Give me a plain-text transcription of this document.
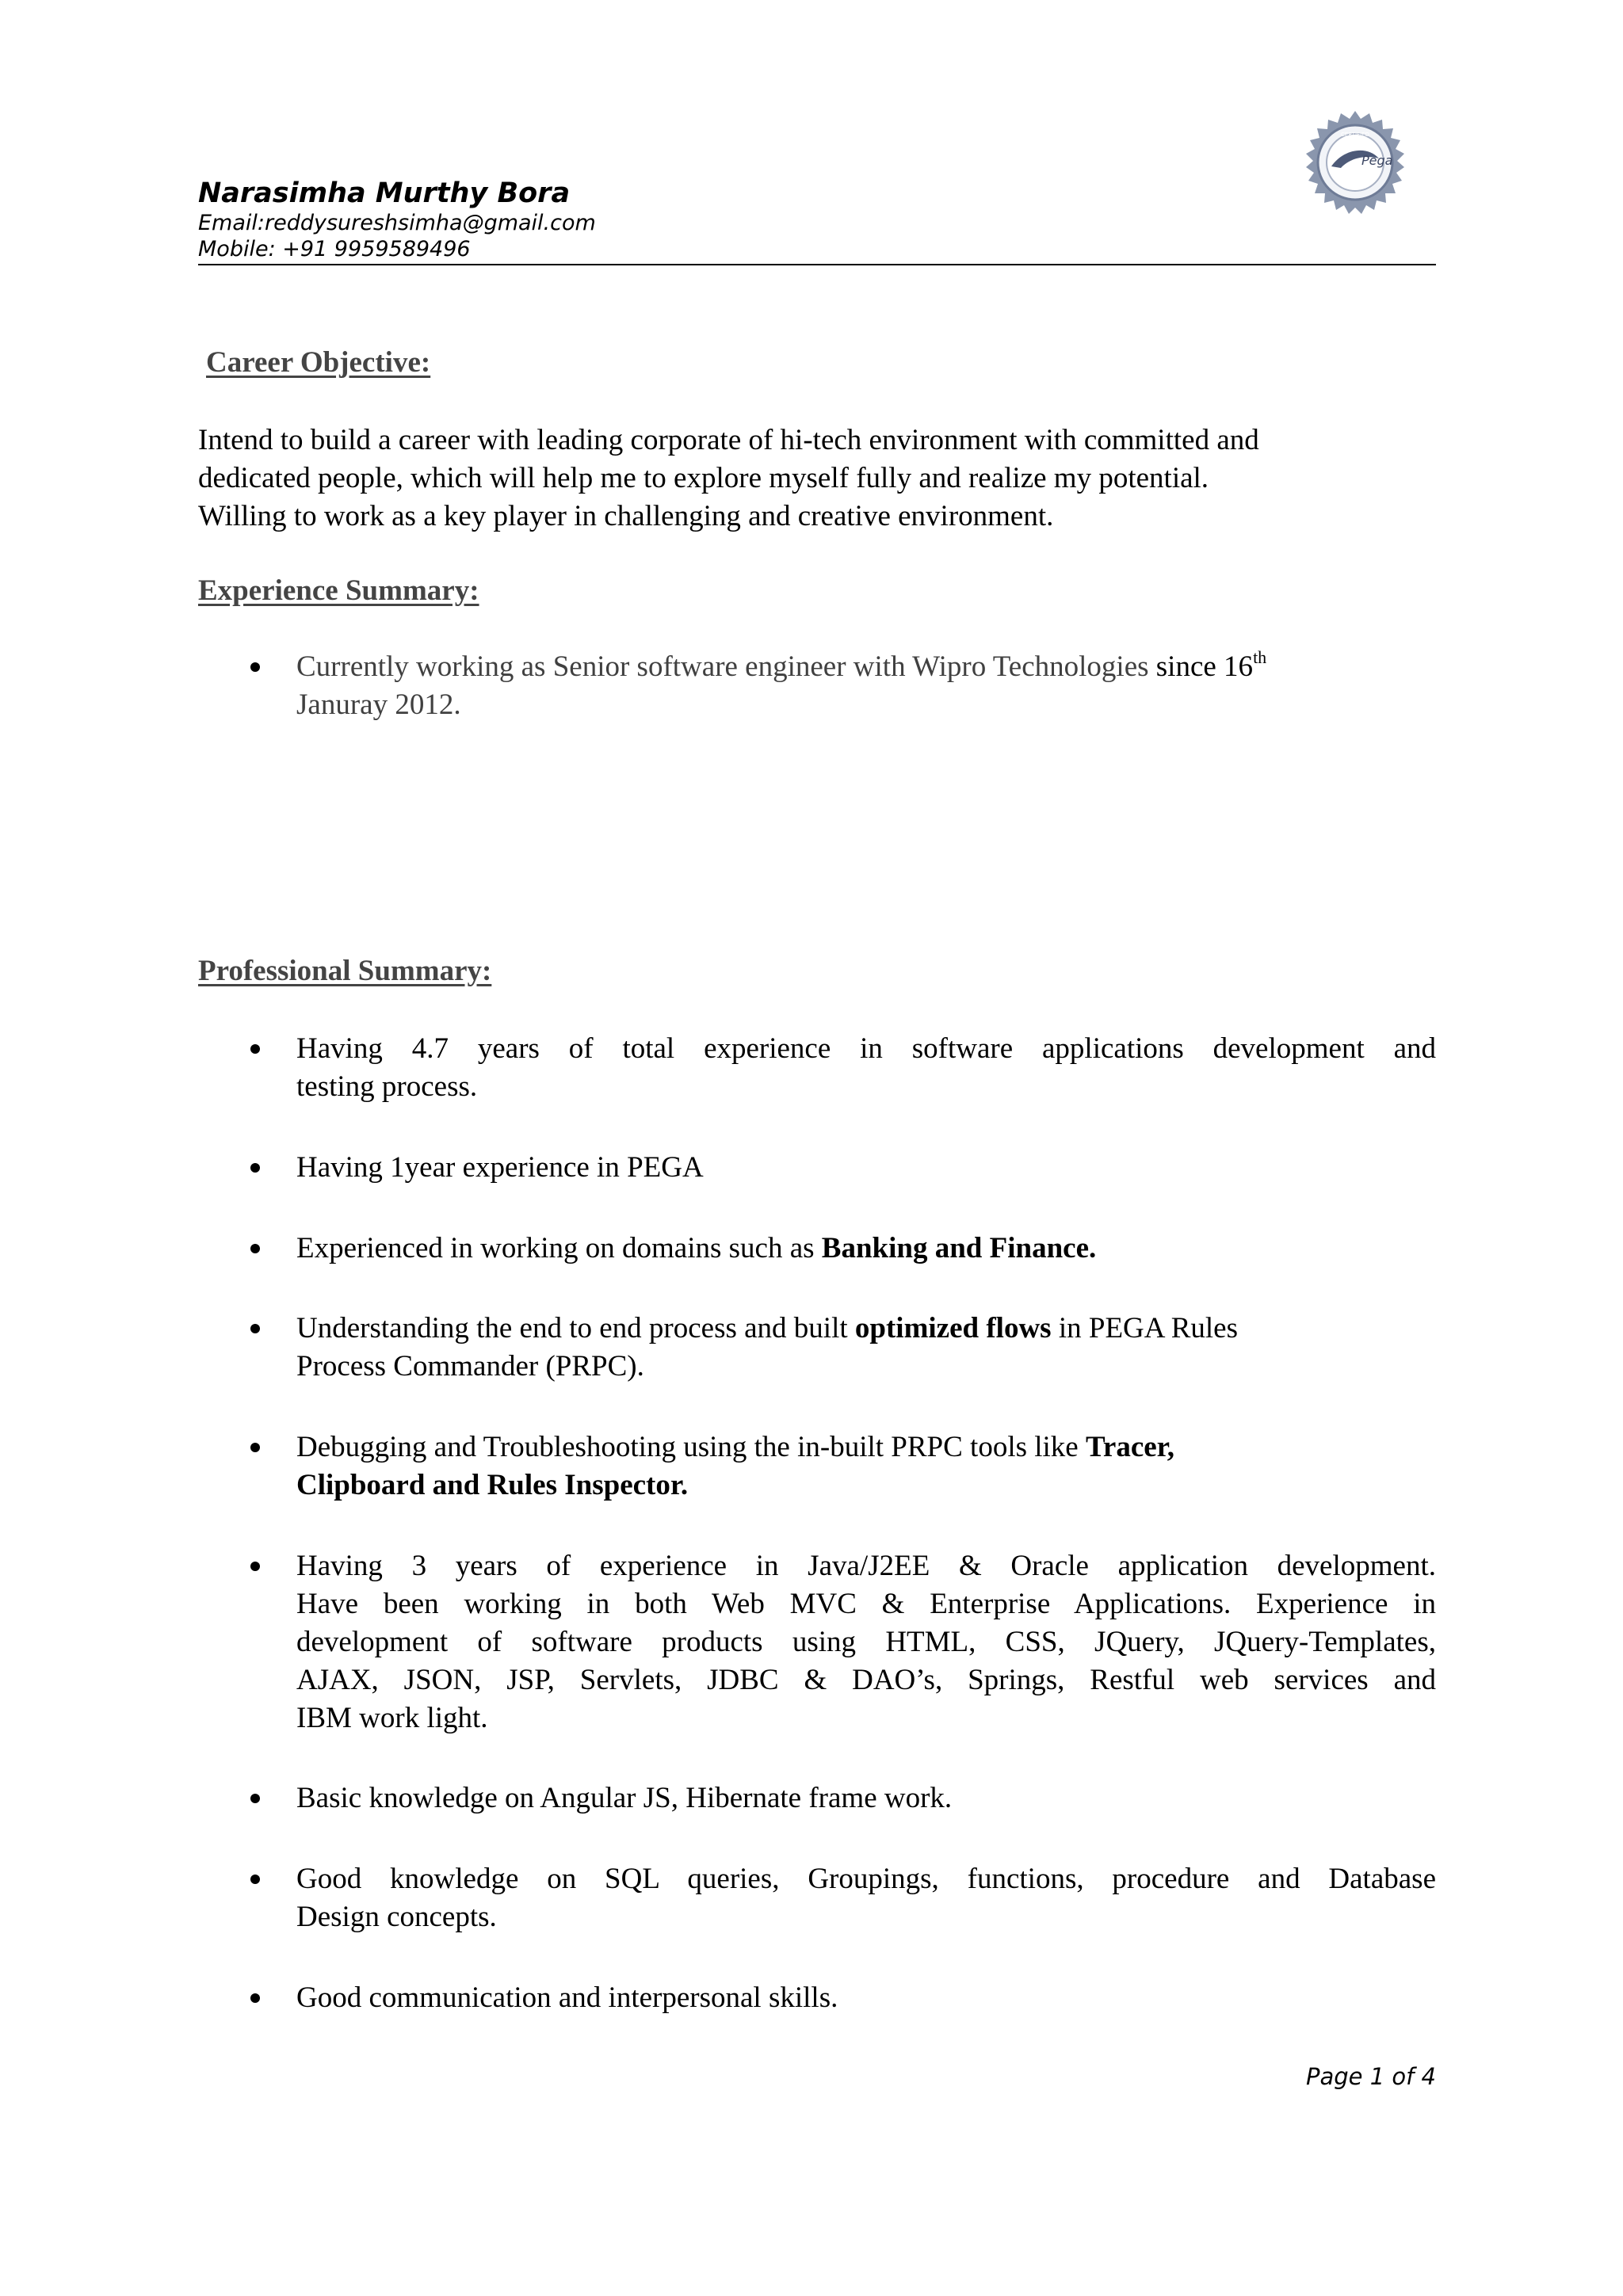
Narasimha Murthy Bora
Email:reddysureshsimha@gmail.com
Mobile: +91 9959589496
Pega
CERTIFIED
Career Objective:
Intend to build a career with leading corporate of hi-tech environment with committed and
dedicated people, which will help me to explore myself fully and realize my potential.
Willing to work as a key player in challenging and creative environment.
Experience Summary:
Currently working as Senior software engineer with Wipro Technologies since 16th
Januray 2012.
Professional Summary:
Having 4.7 years of total experience in software applications development and
testing process.
Having 1year experience in PEGA
Experienced in working on domains such as Banking and Finance.
Understanding the end to end process and built optimized flows in PEGA Rules
Process Commander (PRPC).
Debugging and Troubleshooting using the in-built PRPC tools like Tracer,
Clipboard and Rules Inspector.
Having 3 years of experience in Java/J2EE & Oracle application development.
Have been working in both Web MVC & Enterprise Applications. Experience in
development of software products using HTML, CSS, JQuery, JQuery-Templates,
AJAX, JSON, JSP, Servlets, JDBC & DAO’s, Springs, Restful web services and
IBM work light.
Basic knowledge on Angular JS, Hibernate frame work.
Good knowledge on SQL queries, Groupings, functions, procedure and Database
Design concepts.
Good communication and interpersonal skills.
Page 1 of 4
